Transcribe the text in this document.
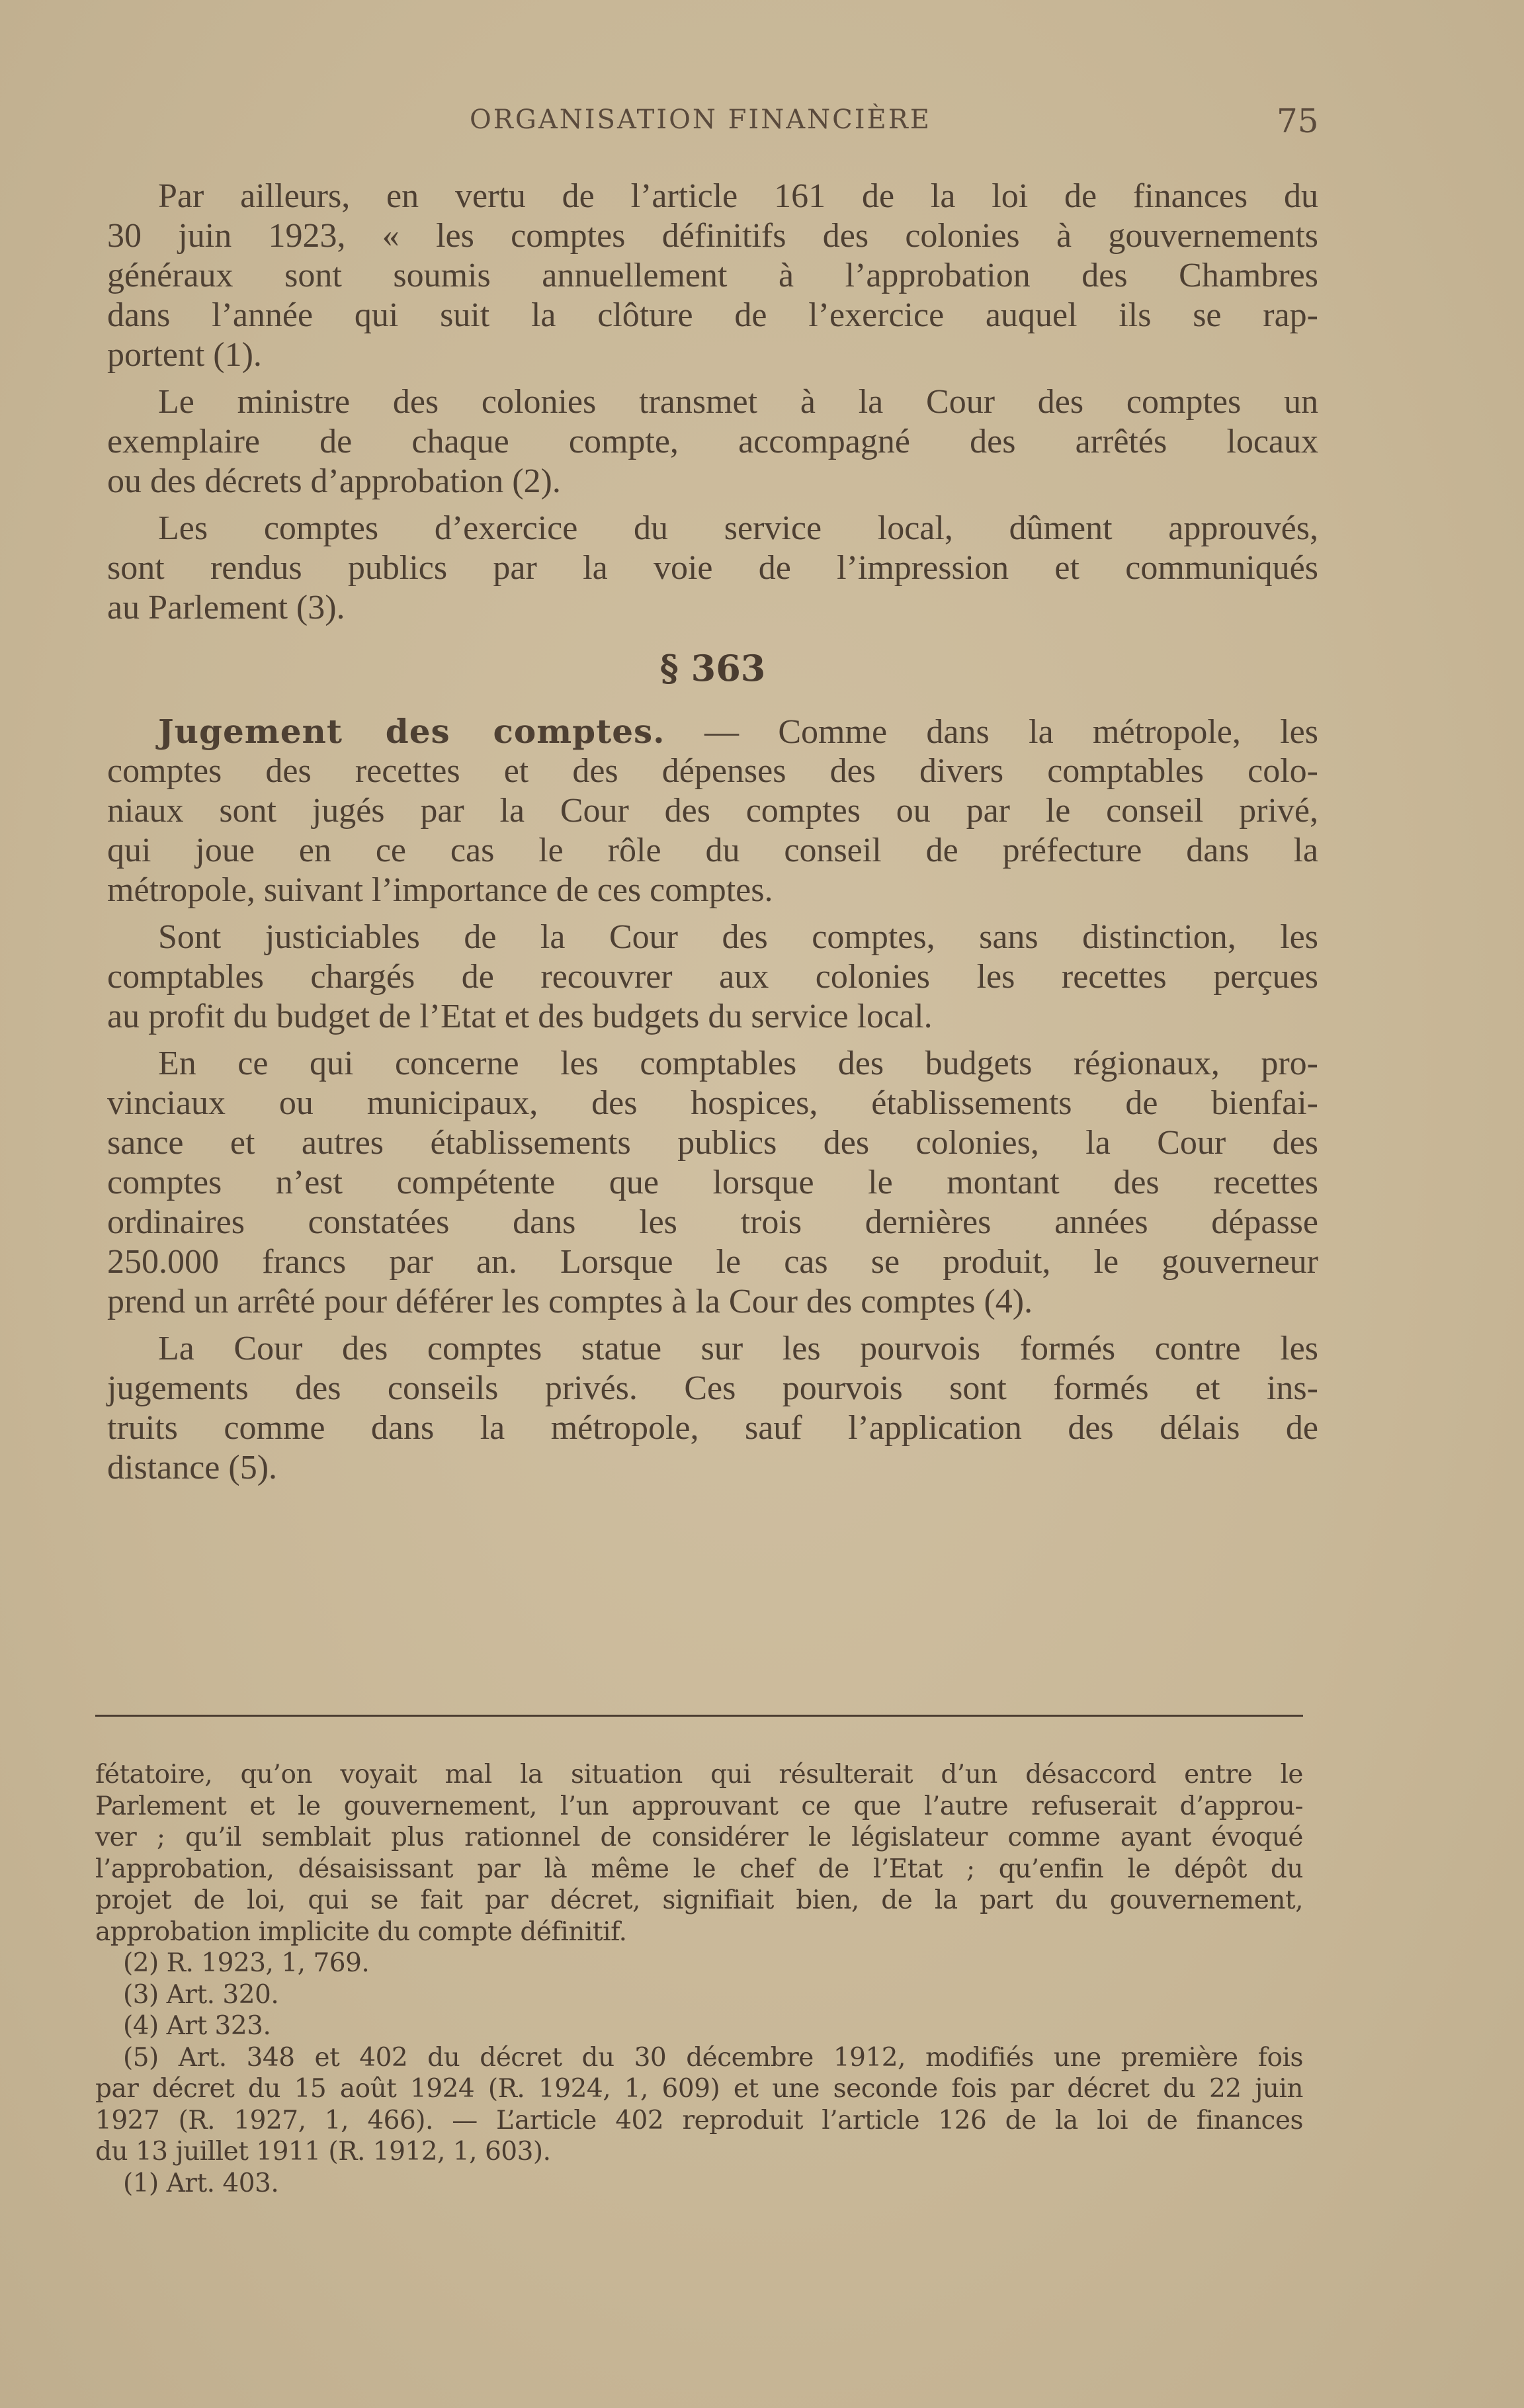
ORGANISATION FINANCIÈRE	75
Par ailleurs, en vertu de l’article 161 de la loi de finances du
30 juin 1923, « les comptes définitifs des colonies à gouvernements
généraux sont soumis annuellement à l’approbation des Chambres
dans l’année qui suit la clôture de l’exercice auquel ils se rap-
portent (1).
Le ministre des colonies transmet à la Cour des comptes un
exemplaire de chaque compte, accompagné des arrêtés locaux
ou des décrets d’approbation (2).
Les comptes d’exercice du service local, dûment approuvés,
sont rendus publics par la voie de l’impression et communiqués
au Parlement (3).
§ 363
Jugement des comptes. — Comme dans la métropole, les
comptes des recettes et des dépenses des divers comptables colo-
niaux sont jugés par la Cour des comptes ou par le conseil privé,
qui joue en ce cas le rôle du conseil de préfecture dans la
métropole, suivant l’importance de ces comptes.
Sont justiciables de la Cour des comptes, sans distinction, les
comptables chargés de recouvrer aux colonies les recettes perçues
au profit du budget de l’Etat et des budgets du service local.
En ce qui concerne les comptables des budgets régionaux, pro-
vinciaux ou municipaux, des hospices, établissements de bienfai-
sance et autres établissements publics des colonies, la Cour des
comptes n’est compétente que lorsque le montant des recettes
ordinaires constatées dans les trois dernières années dépasse
250.000 francs par an. Lorsque le cas se produit, le gouverneur
prend un arrêté pour déférer les comptes à la Cour des comptes (4).
La Cour des comptes statue sur les pourvois formés contre les
jugements des conseils privés. Ces pourvois sont formés et ins-
truits comme dans la métropole, sauf l’application des délais de
distance (5).
fétatoire, qu’on voyait mal la situation qui résulterait d’un désaccord entre le
Parlement et le gouvernement, l’un approuvant ce que l’autre refuserait d’approu-
ver ; qu’il semblait plus rationnel de considérer le législateur comme ayant évoqué
l’approbation, désaisissant par là même le chef de l’Etat ; qu’enfin le dépôt du
projet de loi, qui se fait par décret, signifiait bien, de la part du gouvernement,
approbation implicite du compte définitif.
(2) R. 1923, 1, 769.
(3) Art. 320.
(4) Art 323.
(5) Art. 348 et 402 du décret du 30 décembre 1912, modifiés une première fois
par décret du 15 août 1924 (R. 1924, 1, 609) et une seconde fois par décret du 22 juin
1927 (R. 1927, 1, 466). — L’article 402 reproduit l’article 126 de la loi de finances
du 13 juillet 1911 (R. 1912, 1, 603).
(1) Art. 403.
